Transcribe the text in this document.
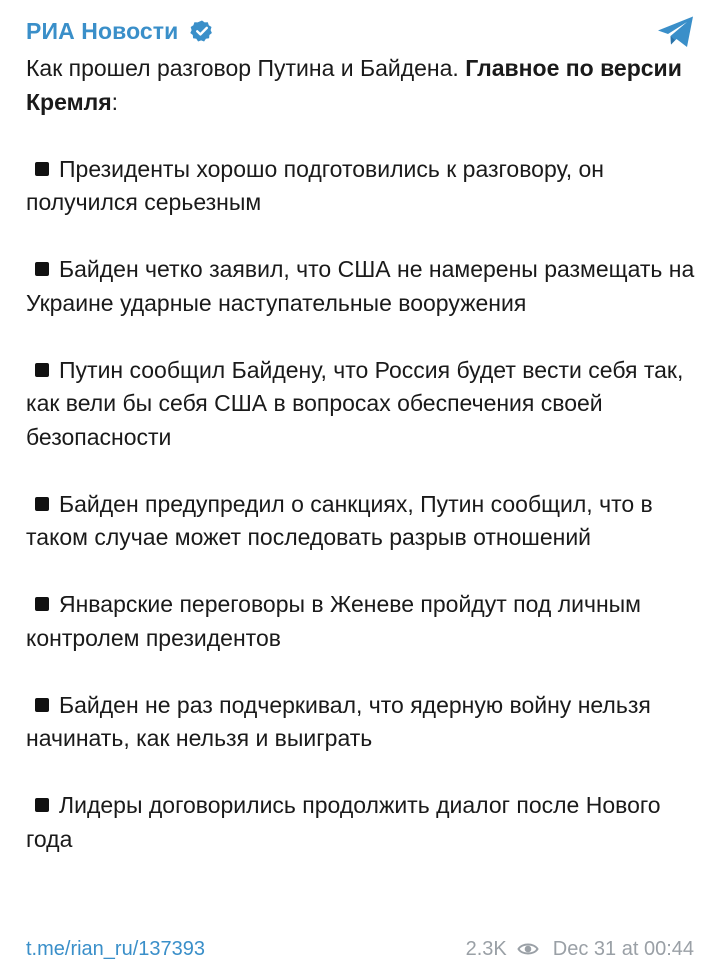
РИА Новости

Как прошел разговор Путина и Байдена. Главное по версии Кремля:

Президенты хорошо подготовились к разговору, он получился серьезным

Байден четко заявил, что США не намерены размещать на Украине ударные наступательные вооружения

Путин сообщил Байдену, что Россия будет вести себя так, как вели бы себя США в вопросах обеспечения своей безопасности

Байден предупредил о санкциях, Путин сообщил, что в таком случае может последовать разрыв отношений

Январские переговоры в Женеве пройдут под личным контролем президентов

Байден не раз подчеркивал, что ядерную войну нельзя начинать, как нельзя и выиграть

Лидеры договорились продолжить диалог после Нового года

t.me/rian_ru/137393	2.3K Dec 31 at 00:44
